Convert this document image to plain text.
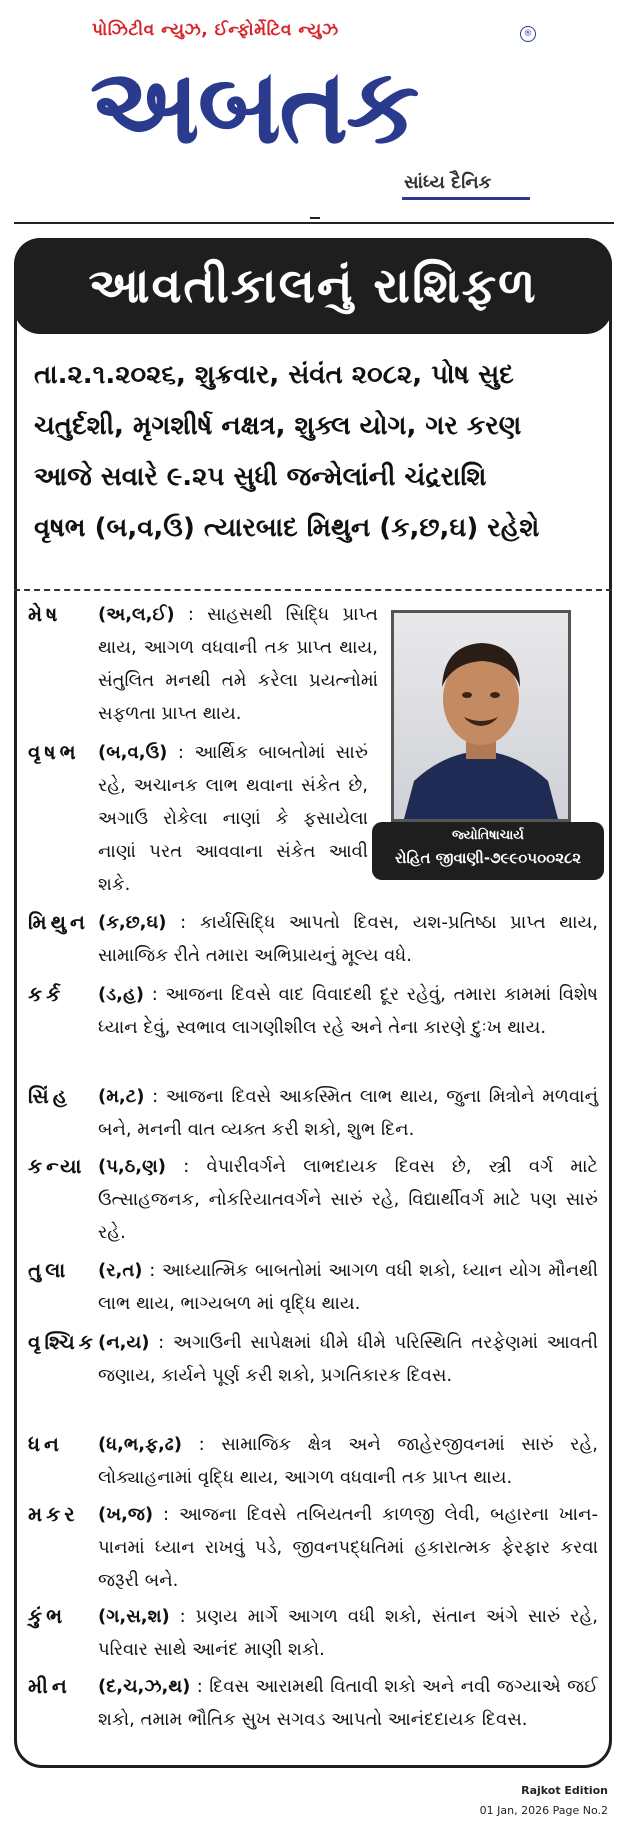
પોઝિટીવ ન્યુઝ, ઈન્ફોર્મેટિવ ન્યુઝ	®
અબતક
સાંધ્ય દૈનિક
આવતીકાલનું રાશિફળ
તા.૨.૧.૨૦૨૬, શુક્રવાર, સંવંત ૨૦૮૨, પોષ સુદ
ચતુર્દશી, મૃગશીર્ષ નક્ષત્ર, શુક્લ યોગ, ગર કરણ
આજે સવારે ૯.૨૫ સુધી જન્મેલાંની ચંદ્રરાશિ
વૃષભ (બ,વ,ઉ) ત્યારબાદ મિથુન (ક,છ,ઘ) રહેશે
જ્યોતિષાચાર્ય
રોહિત જીવાણી-૭૯૯૦૫૦૦૨૮૨
મેષ	(અ,લ,ઈ) : સાહસથી સિદ્ધિ પ્રાપ્ત થાય, આગળ વધવાની તક પ્રાપ્ત થાય, સંતુલિત મનથી તમે કરેલા પ્રયત્નોમાં સફળતા પ્રાપ્ત થાય.
વૃષભ	(બ,વ,ઉ) : આર્થિક બાબતોમાં સારું રહે, અચાનક લાભ થવાના સંકેત છે, અગાઉ રોકેલા નાણાં કે ફસાયેલા નાણાં પરત આવવાના સંકેત આવી શકે.
મિથુન (ક,છ,ઘ) : કાર્યસિદ્ધિ આપતો દિવસ, યશ-પ્રતિષ્ઠા પ્રાપ્ત થાય, સામાજિક રીતે તમારા અભિપ્રાયનું મૂલ્ય વધે.
કર્ક	(ડ,હ) : આજના દિવસે વાદ વિવાદથી દૂર રહેવું, તમારા કામમાં વિશેષ ધ્યાન દેવું, સ્વભાવ લાગણીશીલ રહે અને તેના કારણે દુઃખ થાય.
સિંહ	(મ,ટ) : આજના દિવસે આકસ્મિત લાભ થાય, જુના મિત્રોને મળવાનું બને, મનની વાત વ્યક્ત કરી શકો, શુભ દિન.
કન્યા (પ,ઠ,ણ) : વેપારીવર્ગને લાભદાયક દિવસ છે, સ્ત્રી વર્ગ માટે ઉત્સાહજનક, નોકરિયાતવર્ગને સારું રહે, વિદ્યાર્થીવર્ગ માટે પણ સારું રહે.
તુલા	(ર,ત) : આધ્યાત્મિક બાબતોમાં આગળ વધી શકો, ધ્યાન યોગ મૌનથી લાભ થાય, ભાગ્યબળ માં વૃદ્ધિ થાય.
વૃશ્ચિક (ન,ય) : અગાઉની સાપેક્ષમાં ધીમે ધીમે પરિસ્થિતિ તરફેણમાં આવતી જણાય, કાર્યને પૂર્ણ કરી શકો, પ્રગતિકારક દિવસ.
ધન	(ધ,ભ,ફ,ઢ) : સામાજિક ક્ષેત્ર અને જાહેરજીવનમાં સારું રહે, લોક્યાહનામાં વૃદ્ધિ થાય, આગળ વધવાની તક પ્રાપ્ત થાય.
મકર	(ખ,જ) : આજના દિવસે તબિયતની કાળજી લેવી, બહારના ખાન-પાનમાં ધ્યાન રાખવું પડે, જીવનપદ્ધતિમાં હકારાત્મક ફેરફાર કરવા જરૂરી બને.
કુંભ	(ગ,સ,શ) : પ્રણય માર્ગે આગળ વધી શકો, સંતાન અંગે સારું રહે, પરિવાર સાથે આનંદ માણી શકો.
મીન	(દ,ચ,ઝ,થ) : દિવસ આરામથી વિતાવી શકો અને નવી જગ્યાએ જઈ શકો, તમામ ભૌતિક સુખ સગવડ આપતો આનંદદાયક દિવસ.
Rajkot Edition
01 Jan, 2026 Page No.2
